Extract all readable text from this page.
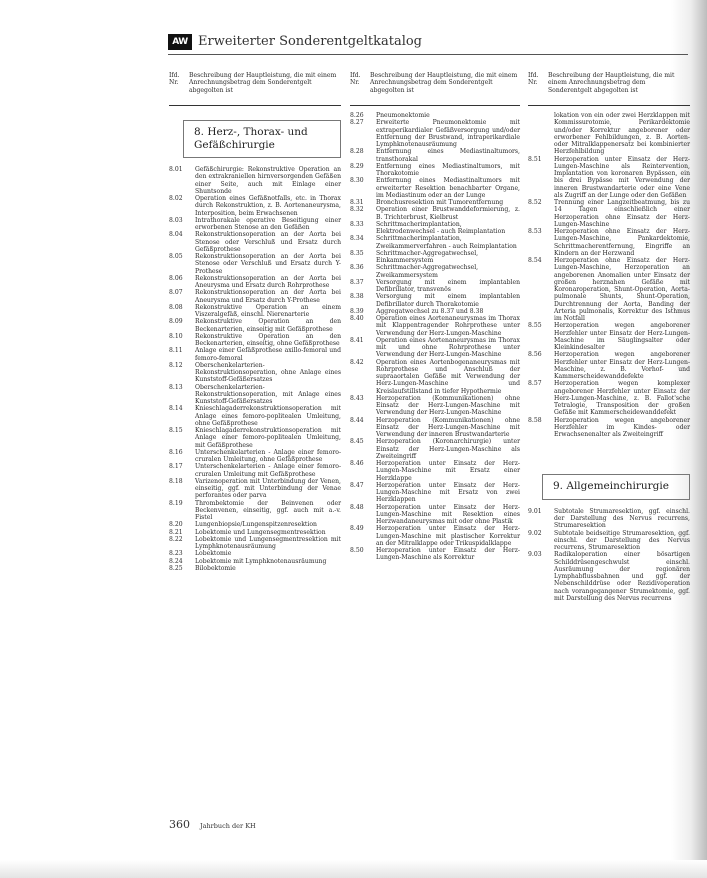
AW Erweiterter Sonderentgeltkatalog
Ifd. Nr.
Beschreibung der Hauptleistung, die mit einem Anrechnungsbetrag dem Sonderentgelt abgegolten ist
8. Herz-, Thorax- und Gefäßchirurgie
8.01	Gefäßchirurgie: Rekonstruktive Operation an den extrakraniellen hirnversorgenden Gefäßen einer Seite, auch mit Einlage einer Shuntsonde
8.02	Operation eines Gefäßnotfalls, etc. in Thorax durch Rekonstruktion, z. B. Aortenaneurysma, Interposition, beim Erwachsenen
8.03	Intrathorakale operative Beseitigung einer erworbenen Stenose an den Gefäßen
8.04	Rekonstruktionsoperation an der Aorta bei Stenose oder Verschluß und Ersatz durch Gefäßprothese
8.05	Rekonstruktionsoperation an der Aorta bei Stenose oder Verschluß und Ersatz durch Y-Prothese
8.06	Rekonstruktionsoperation an der Aorta bei Aneurysma und Ersatz durch Rohrprothese
8.07	Rekonstruktionsoperation an der Aorta bei Aneurysma und Ersatz durch Y-Prothese
8.08	Rekonstruktive Operation an einem Viszeralgefäß, einschl. Nierenarterie
8.09	Rekonstruktive Operation an den Beckenarterien, einseitig mit Gefäßprothese
8.10	Rekonstruktive Operation an den Beckenarterien, einseitig, ohne Gefäßprothese
8.11	Anlage einer Gefäßprothese axillo-femoral und femoro-femoral
8.12	Oberschenkelarterien-Rekonstruktionsoperation, ohne Anlage eines Kunststoff-Gefäßersatzes
8.13	Oberschenkelarterien-Rekonstruktionsoperation, mit Anlage eines Kunststoff-Gefäßersatzes
8.14	Knieschlagaderrekonstruktionsoperation mit Anlage eines femoro-poplitealen Umleitung, ohne Gefäßprothese
8.15	Knieschlagaderrekonstruktionsoperation mit Anlage einer femoro-poplitealen Umleitung, mit Gefäßprothese
8.16	Unterschenkelarterien - Anlage einer femoro-cruralen Umleitung, ohne Gefäßprothese
8.17	Unterschenkelarterien - Anlage einer femoro-cruralen Umleitung mit Gefäßprothese
8.18	Varizenoperation mit Unterbindung der Venen, einseitig, ggf. mit Unterbindung der Venae perforantes oder parva
8.19	Thrombektomie der Beinvenen oder Beckenvenen, einseitig, ggf. auch mit a.-v. Fistel
8.20	Lungenbiopsie/Lungenspitzenresektion
8.21	Lobektomie und Lungensegmentresektion
8.22	Lobektomie und Lungensegmentresektion mit Lymphknotenausräumung
8.23	Lobektomie
8.24	Lobektomie mit Lymphknotenausräumung
8.25	Bilobektomie
Ifd. Nr.
Beschreibung der Hauptleistung, die mit einem Anrechnungsbetrag dem Sonderentgelt abgegolten ist
8.26	Pneumonektomie
8.27	Erweiterte Pneumonektomie mit extraperikardialer Gefäßversorgung und/oder Entfernung der Brustwand, intraperikardiale Lymphknotenausräumung
8.28	Entfernung eines Mediastinaltumors, transthorakal
8.29	Entfernung eines Mediastinaltumors, mit Thorakotomie
8.30	Entfernung eines Mediastinaltumors mit erweiterter Resektion benachbarter Organe, im Mediastinum oder an der Lunge
8.31	Bronchusresektion mit Tumorentfernung
8.32	Operation einer Brustwanddeformierung, z. B. Trichterbrust, Kielbrust
8.33	Schrittmacherimplantation, Elektrodenwechsel - auch Reimplantation
8.34	Schrittmacherimplantation, Zweikammerverfahren - auch Reimplantation
8.35	Schrittmacher-Aggregatwechsel, Einkammersystem
8.36	Schrittmacher-Aggregatwechsel, Zweikammersystem
8.37	Versorgung mit einem implantablen Defibrillator, transvenös
8.38	Versorgung mit einem implantablen Defibrillator durch Thorakotomie
8.39	Aggregatwechsel zu 8.37 und 8.38
8.40	Operation eines Aortenaneurysmas im Thorax mit Klappentragender Rohrprothese unter Verwendung der Herz-Lungen-Maschine
8.41	Operation eines Aortenaneurysmas im Thorax mit und ohne Rohrprothese unter Verwendung der Herz-Lungen-Maschine
8.42	Operation eines Aortenbogenaneurysmas mit Rohrprothese und Anschluß der supraaortalen Gefäße mit Verwendung der Herz-Lungen-Maschine und Kreislaufstillstand in tiefer Hypothermie
8.43	Herzoperation (Kommunikationen) ohne Einsatz der Herz-Lungen-Maschine mit Verwendung der Herz-Lungen-Maschine
8.44	Herzoperation (Kommunikationen) ohne Einsatz der Herz-Lungen-Maschine mit Verwendung der inneren Brustwandarterie
8.45	Herzoperation (Koronarchirurgie) unter Einsatz der Herz-Lungen-Maschine als Zweiteingriff
8.46	Herzoperation unter Einsatz der Herz-Lungen-Maschine mit Ersatz einer Herzklappe
8.47	Herzoperation unter Einsatz der Herz-Lungen-Maschine mit Ersatz von zwei Herzklappen
8.48	Herzoperation unter Einsatz der Herz-Lungen-Maschine mit Resektion eines Herzwandaneurysmas mit oder ohne Plastik
8.49	Herzoperation unter Einsatz der Herz-Lungen-Maschine mit plastischer Korrektur an der Mitralklappe oder Trikuspidalklappe
8.50	Herzoperation unter Einsatz der Herz-Lungen-Maschine als Korrektur
Ifd. Nr.
Beschreibung der Hauptleistung, die mit einem Anrechnungsbetrag dem Sonderentgelt abgegolten ist
lokation von ein oder zwei Herzklappen mit Kommissurotomie, Perikardektomie und/oder Korrektur angeborener oder erworbener Fehlbildungen, z. B. Aorten- oder Mitralklappenersatz bei kombinierter Herzfehlbildung
8.51	Herzoperation unter Einsatz der Herz-Lungen-Maschine als Reintervention, Implantation von koronaren Bypässen, ein bis drei Bypässe mit Verwendung der inneren Brustwandarterie oder eine Vene als Zugriff an der Lunge oder den Gefäßen
8.52	Trennung einer Langzeitbeatmung, bis zu 14 Tagen einschließlich einer Herzoperation ohne Einsatz der Herz-Lungen-Maschine
8.53	Herzoperation ohne Einsatz der Herz-Lungen-Maschine, Pankardektomie, Schrittmacherentfernung, Eingriffe an Kindern an der Herzwand
8.54	Herzoperation ohne Einsatz der Herz-Lungen-Maschine, Herzoperation an angeborenen Anomalien unter Einsatz der großen herznahen Gefäße mit Koronaroperation, Shunt-Operation, Aorta-pulmonale Shunts, Shunt-Operation, Durchtrennung der Aorta, Banding der Arteria pulmonalis, Korrektur des Isthmus im Notfall
8.55	Herzoperation wegen angeborener Herzfehler unter Einsatz der Herz-Lungen-Maschine im Säuglingsalter oder Kleinkindesalter
8.56	Herzoperation wegen angeborener Herzfehler unter Einsatz der Herz-Lungen-Maschine, z. B. Vorhof- und Kammerscheidewanddefekte
8.57	Herzoperation wegen komplexer angeborener Herzfehler unter Einsatz der Herz-Lungen-Maschine, z. B. Fallot'sche Tetralogie, Transposition der großen Gefäße mit Kammerscheidewanddefekt
8.58	Herzoperation wegen angeborener Herzfehler im Kindes- oder Erwachsenenalter als Zweiteingriff
9. Allgemeinchirurgie
9.01	Subtotale Strumaresektion, ggf. einschl. der Darstellung des Nervus recurrens, Strumaresektion
9.02	Subtotale beidseitige Strumaresektion, ggf. einschl. der Darstellung des Nervus recurrens, Strumaresektion
9.03	Radikaloperation einer bösartigen Schilddrüsengeschwulst einschl. Ausräumung der regionären Lymphabflussbahnen und ggf. der Nebenschilddrüse oder Rezidivoperation nach vorangegangener Strumektomie, ggf. mit Darstellung des Nervus recurrens
360 Jahrbuch der KH
